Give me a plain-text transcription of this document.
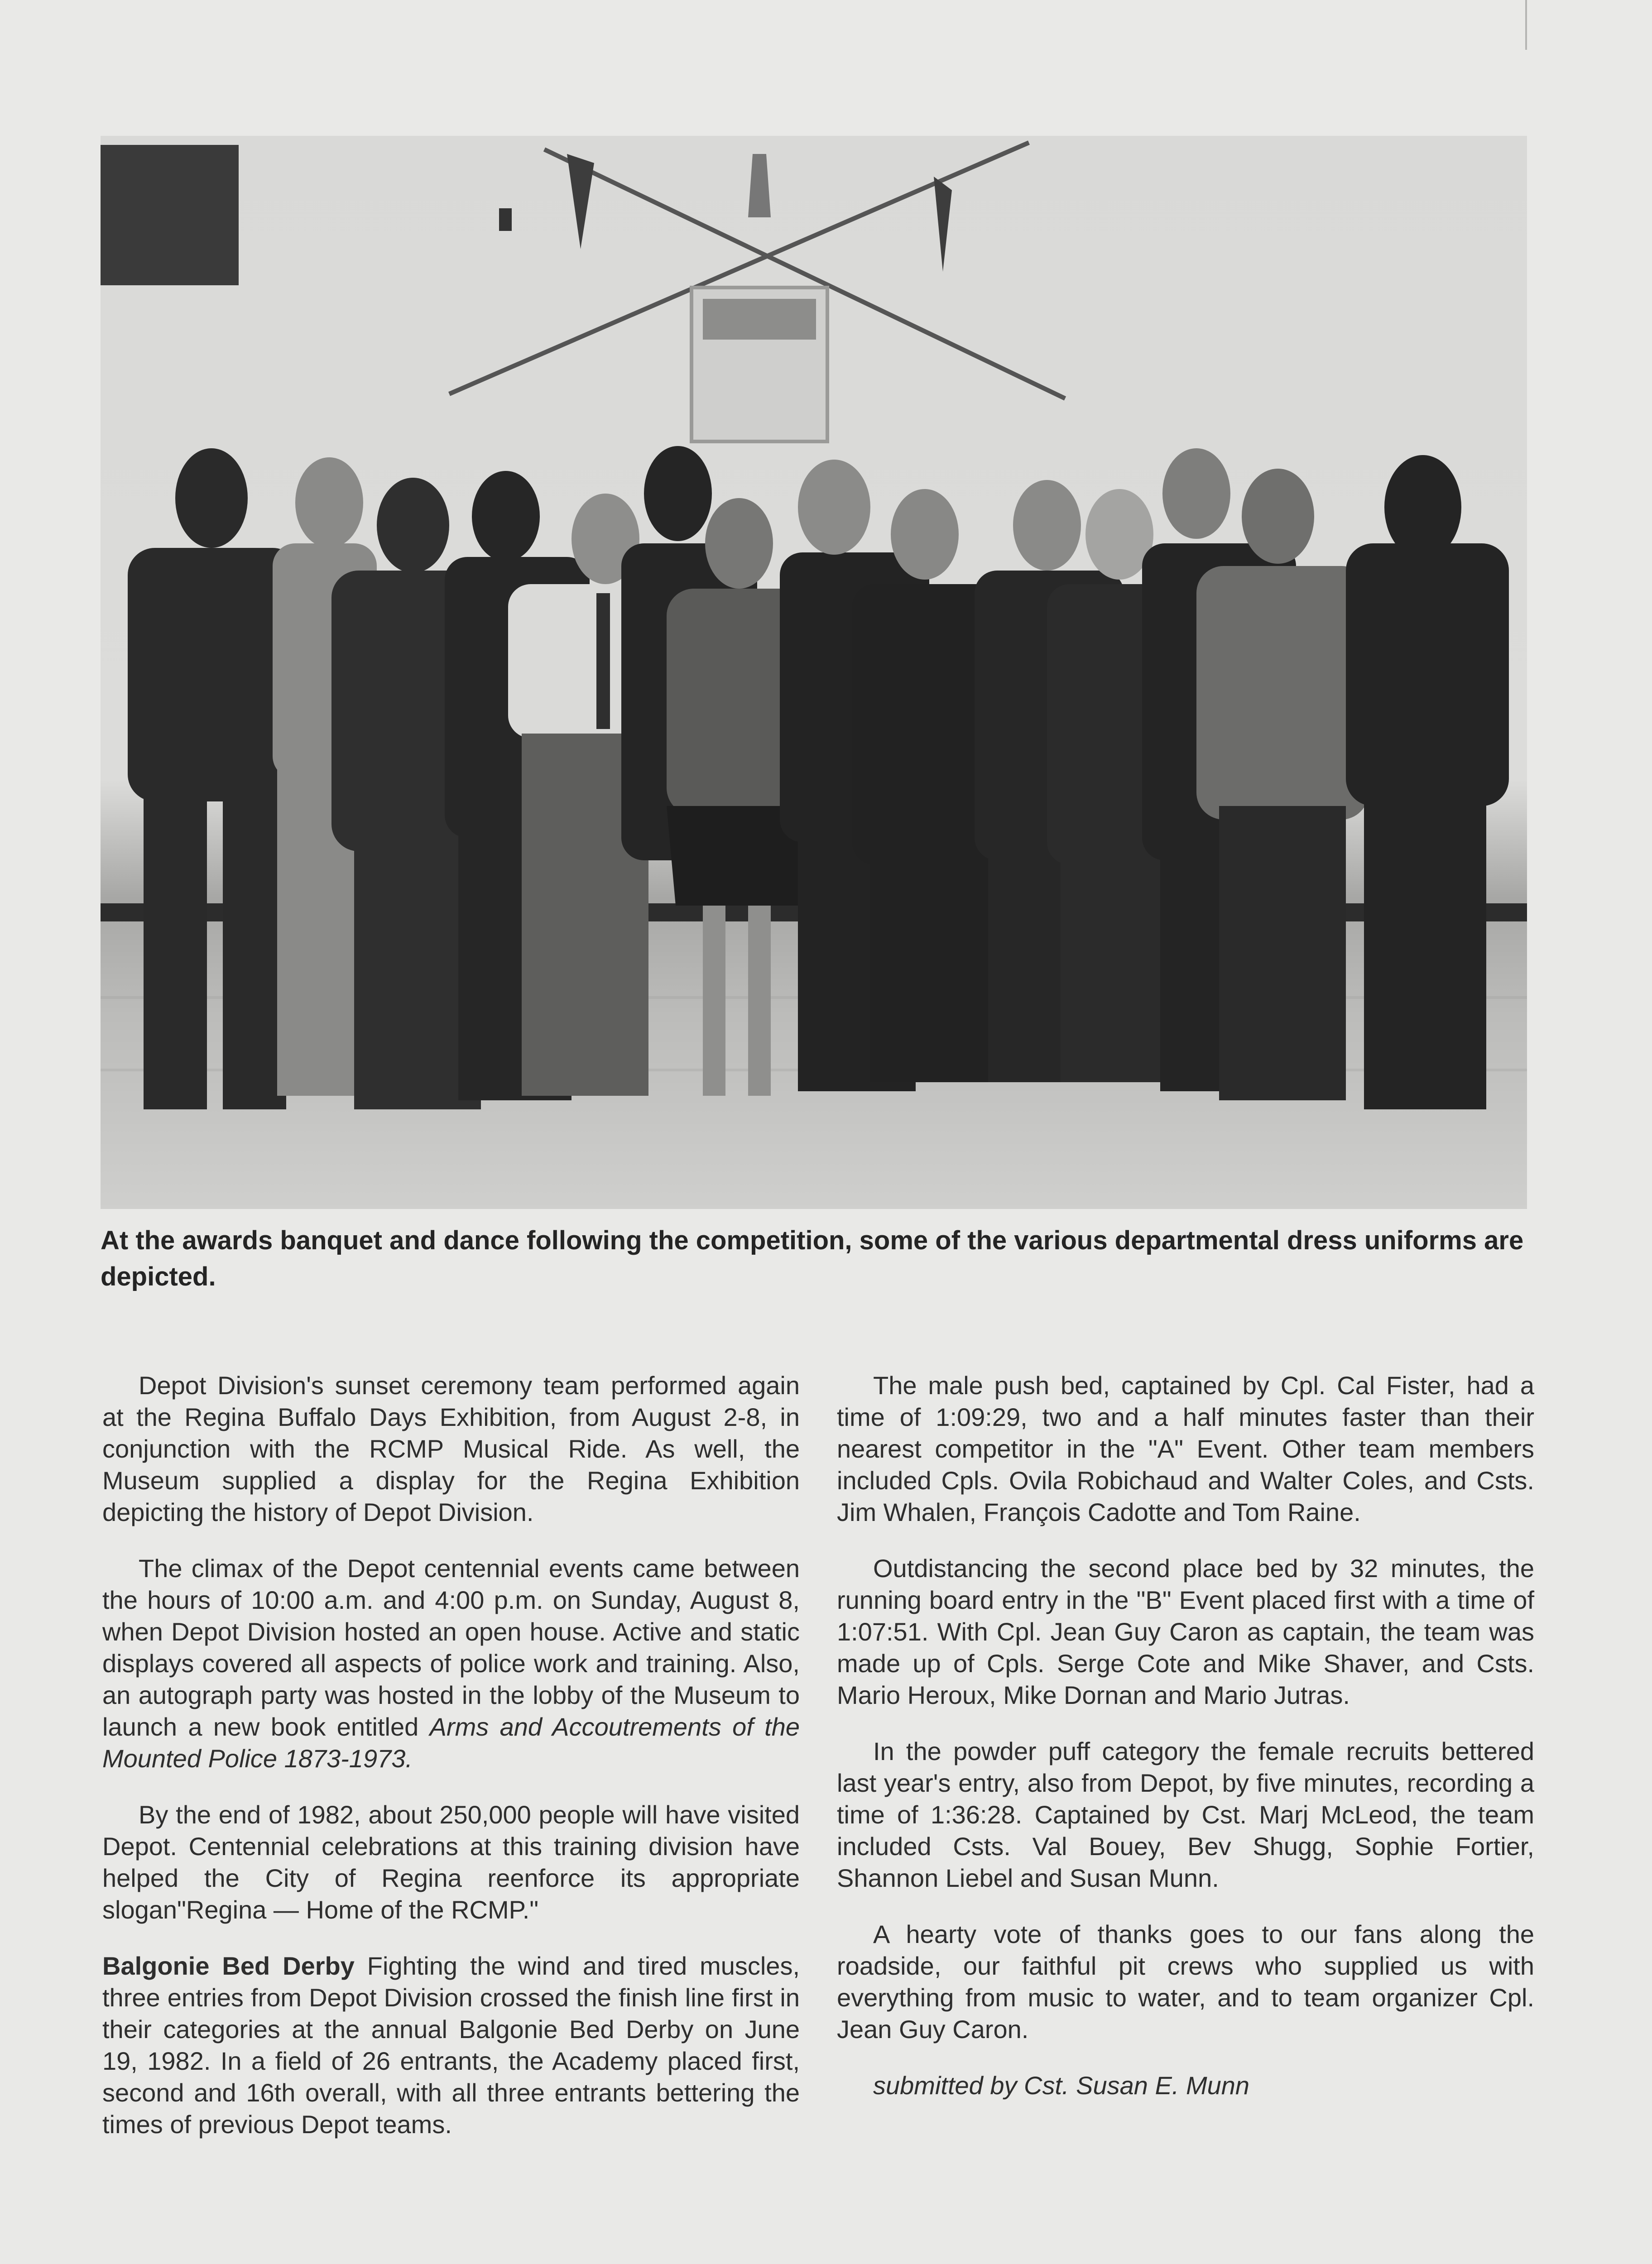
At the awards banquet and dance following the competition, some of the various departmental dress uniforms are depicted.

Depot Division's sunset ceremony team performed again at the Regina Buffalo Days Exhibition, from August 2-8, in conjunction with the RCMP Musical Ride. As well, the Museum supplied a display for the Regina Exhibition depicting the history of Depot Division.

The climax of the Depot centennial events came between the hours of 10:00 a.m. and 4:00 p.m. on Sunday, August 8, when Depot Division hosted an open house. Active and static displays covered all aspects of police work and training. Also, an autograph party was hosted in the lobby of the Museum to launch a new book entitled Arms and Accoutrements of the Mounted Police 1873-1973.

By the end of 1982, about 250,000 people will have visited Depot. Centennial celebrations at this training division have helped the City of Regina reenforce its appropriate slogan"Regina — Home of the RCMP."

Balgonie Bed Derby Fighting the wind and tired muscles, three entries from Depot Division crossed the finish line first in their categories at the annual Balgonie Bed Derby on June 19, 1982. In a field of 26 entrants, the Academy placed first, second and 16th overall, with all three entrants bettering the times of previous Depot teams.

The male push bed, captained by Cpl. Cal Fister, had a time of 1:09:29, two and a half minutes faster than their nearest competitor in the "A" Event. Other team members included Cpls. Ovila Robichaud and Walter Coles, and Csts. Jim Whalen, François Cadotte and Tom Raine.

Outdistancing the second place bed by 32 minutes, the running board entry in the "B" Event placed first with a time of 1:07:51. With Cpl. Jean Guy Caron as captain, the team was made up of Cpls. Serge Cote and Mike Shaver, and Csts. Mario Heroux, Mike Dornan and Mario Jutras.

In the powder puff category the female recruits bettered last year's entry, also from Depot, by five minutes, recording a time of 1:36:28. Captained by Cst. Marj McLeod, the team included Csts. Val Bouey, Bev Shugg, Sophie Fortier, Shannon Liebel and Susan Munn.

A hearty vote of thanks goes to our fans along the roadside, our faithful pit crews who supplied us with everything from music to water, and to team organizer Cpl. Jean Guy Caron.

submitted by Cst. Susan E. Munn
